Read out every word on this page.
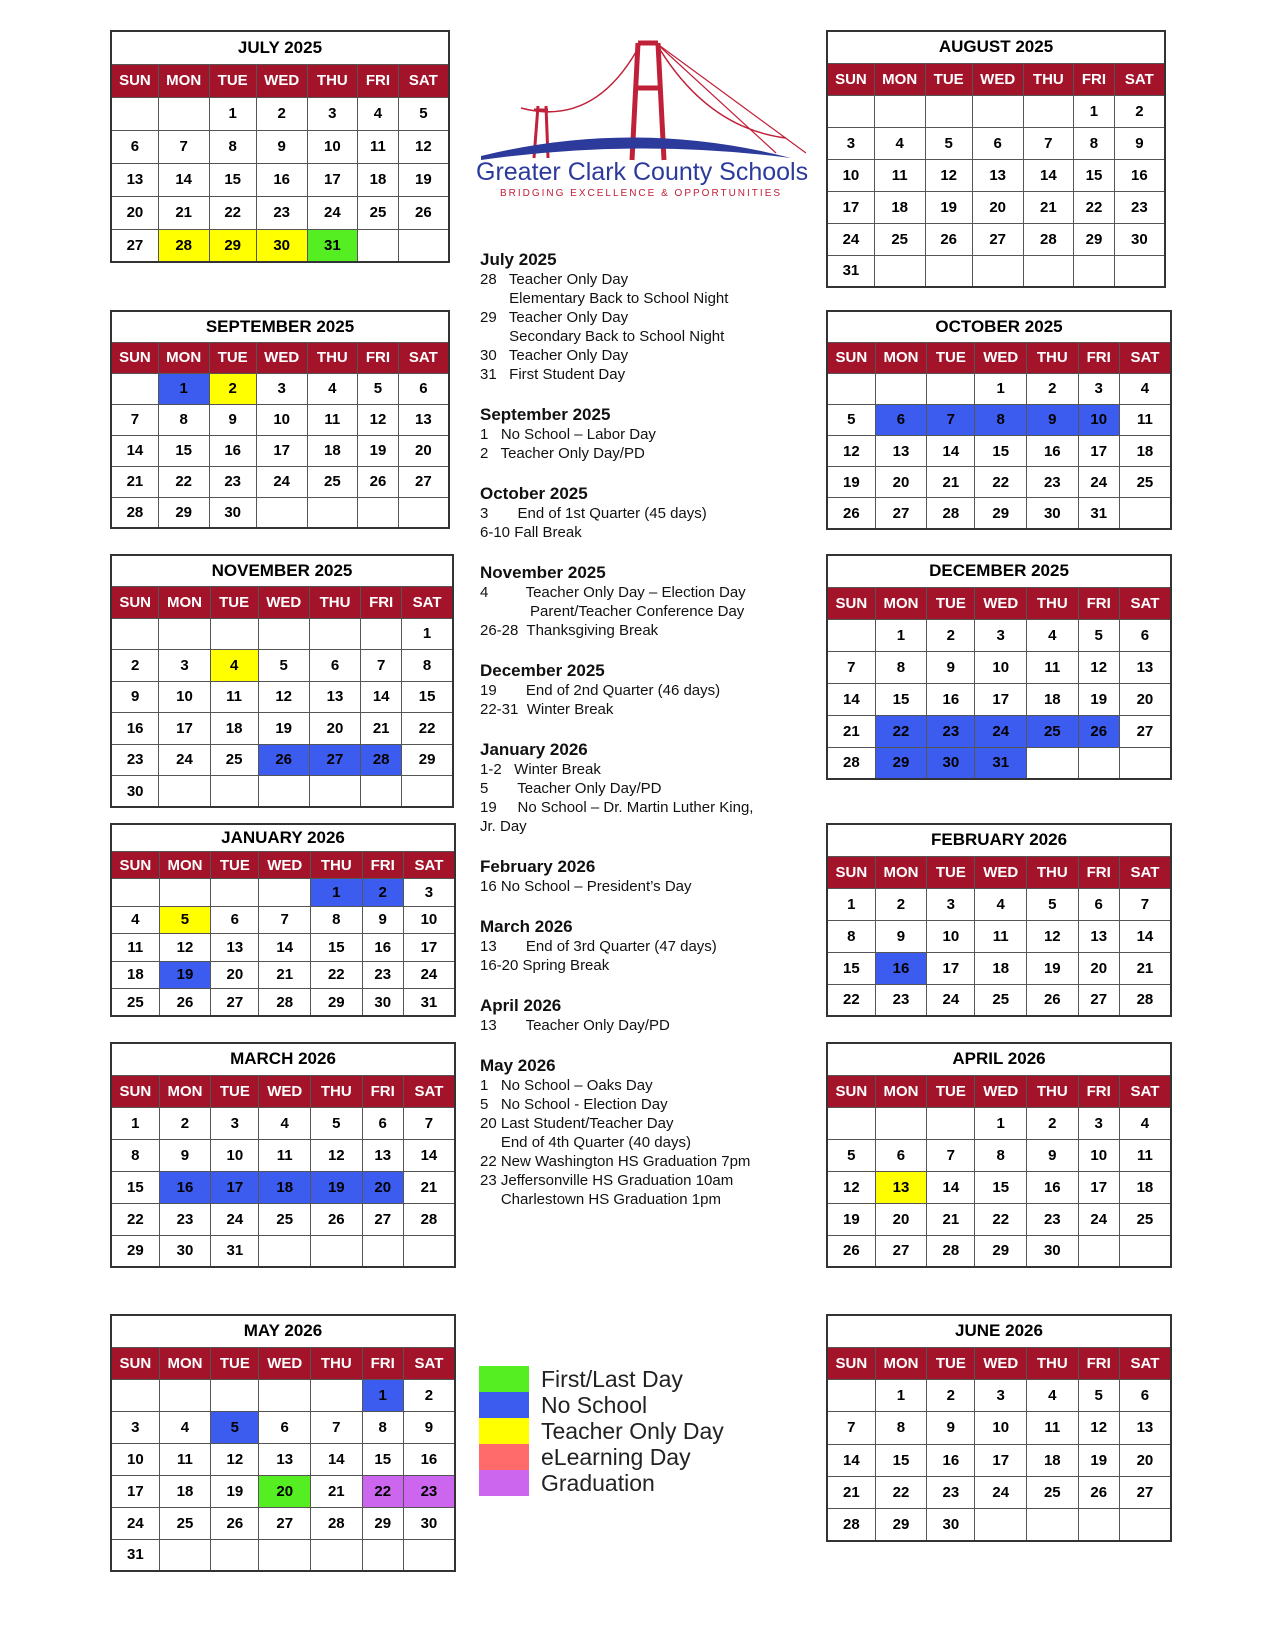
Greater Clark County Schools
BRIDGING EXCELLENCE & OPPORTUNITIES
JULY 2025						
SUN	MON	TUE	WED	THU	FRI	SAT
		1	2	3	4	5
6	7	8	9	10	11	12
13	14	15	16	17	18	19
20	21	22	23	24	25	26
27	28	29	30	31		
AUGUST 2025						
SUN	MON	TUE	WED	THU	FRI	SAT
					1	2
3	4	5	6	7	8	9
10	11	12	13	14	15	16
17	18	19	20	21	22	23
24	25	26	27	28	29	30
31						
SEPTEMBER 2025						
SUN	MON	TUE	WED	THU	FRI	SAT
	1	2	3	4	5	6
7	8	9	10	11	12	13
14	15	16	17	18	19	20
21	22	23	24	25	26	27
28	29	30				
OCTOBER 2025						
SUN	MON	TUE	WED	THU	FRI	SAT
			1	2	3	4
5	6	7	8	9	10	11
12	13	14	15	16	17	18
19	20	21	22	23	24	25
26	27	28	29	30	31	
NOVEMBER 2025						
SUN	MON	TUE	WED	THU	FRI	SAT
						1
2	3	4	5	6	7	8
9	10	11	12	13	14	15
16	17	18	19	20	21	22
23	24	25	26	27	28	29
30						
DECEMBER 2025						
SUN	MON	TUE	WED	THU	FRI	SAT
	1	2	3	4	5	6
7	8	9	10	11	12	13
14	15	16	17	18	19	20
21	22	23	24	25	26	27
28	29	30	31			
JANUARY 2026						
SUN	MON	TUE	WED	THU	FRI	SAT
				1	2	3
4	5	6	7	8	9	10
11	12	13	14	15	16	17
18	19	20	21	22	23	24
25	26	27	28	29	30	31
FEBRUARY 2026						
SUN	MON	TUE	WED	THU	FRI	SAT
1	2	3	4	5	6	7
8	9	10	11	12	13	14
15	16	17	18	19	20	21
22	23	24	25	26	27	28
MARCH 2026						
SUN	MON	TUE	WED	THU	FRI	SAT
1	2	3	4	5	6	7
8	9	10	11	12	13	14
15	16	17	18	19	20	21
22	23	24	25	26	27	28
29	30	31				
APRIL 2026						
SUN	MON	TUE	WED	THU	FRI	SAT
			1	2	3	4
5	6	7	8	9	10	11
12	13	14	15	16	17	18
19	20	21	22	23	24	25
26	27	28	29	30		
MAY 2026						
SUN	MON	TUE	WED	THU	FRI	SAT
					1	2
3	4	5	6	7	8	9
10	11	12	13	14	15	16
17	18	19	20	21	22	23
24	25	26	27	28	29	30
31						
JUNE 2026						
SUN	MON	TUE	WED	THU	FRI	SAT
	1	2	3	4	5	6
7	8	9	10	11	12	13
14	15	16	17	18	19	20
21	22	23	24	25	26	27
28	29	30				
July 2025
28   Teacher Only Day
Elementary Back to School Night
29   Teacher Only Day
Secondary Back to School Night
30   Teacher Only Day
31   First Student Day
September 2025
1   No School – Labor Day
2   Teacher Only Day/PD
October 2025
3       End of 1st Quarter (45 days)
6-10 Fall Break
November 2025
4         Teacher Only Day – Election Day
Parent/Teacher Conference Day
26-28  Thanksgiving Break
December 2025
19       End of 2nd Quarter (46 days)
22-31  Winter Break
January 2026
1-2   Winter Break
5       Teacher Only Day/PD
19     No School – Dr. Martin Luther King,
Jr. Day
February 2026
16 No School – President’s Day
March 2026
13       End of 3rd Quarter (47 days)
16-20 Spring Break
April 2026
13       Teacher Only Day/PD
May 2026
1   No School – Oaks Day
5   No School - Election Day
20 Last Student/Teacher Day
End of 4th Quarter (40 days)
22 New Washington HS Graduation 7pm
23 Jeffersonville HS Graduation 10am
Charlestown HS Graduation 1pm
First/Last Day
No School
Teacher Only Day
eLearning Day
Graduation
